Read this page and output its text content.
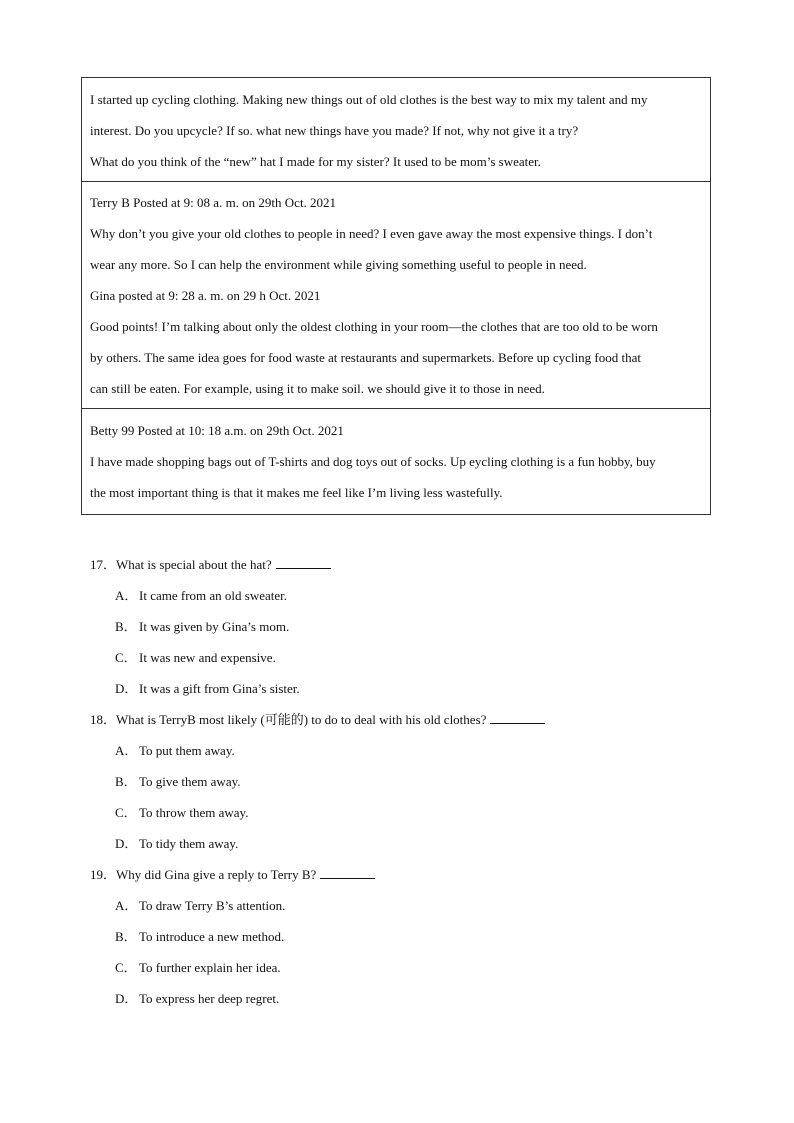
I started up cycling clothing. Making new things out of old clothes is the best way to mix my talent and my
interest. Do you upcycle? If so. what new things have you made? If not, why not give it a try?
What do you think of the “new” hat I made for my sister? It used to be mom’s sweater.
Terry B Posted at 9: 08 a. m. on 29th Oct. 2021
Why don’t you give your old clothes to people in need? I even gave away the most expensive things. I don’t
wear any more. So I can help the environment while giving something useful to people in need.
Gina posted at 9: 28 a. m. on 29 h Oct. 2021
Good points! I’m talking about only the oldest clothing in your room—the clothes that are too old to be worn
by others. The same idea goes for food waste at restaurants and supermarkets. Before up cycling food that
can still be eaten. For example, using it to make soil. we should give it to those in need.
Betty 99 Posted at 10: 18 a.m. on 29th Oct. 2021
I have made shopping bags out of T-shirts and dog toys out of socks. Up eycling clothing is a fun hobby, buy
the most important thing is that it makes me feel like I’m living less wastefully.
17．What is special about the hat?
A． It came from an old sweater.
B． It was given by Gina’s mom.
C． It was new and expensive.
D． It was a gift from Gina’s sister.
18．What is TerryB most likely (可能的) to do to deal with his old clothes?
A． To put them away.
B． To give them away.
C． To throw them away.
D． To tidy them away.
19．Why did Gina give a reply to Terry B?
A． To draw Terry B’s attention.
B． To introduce a new method.
C． To further explain her idea.
D． To express her deep regret.
